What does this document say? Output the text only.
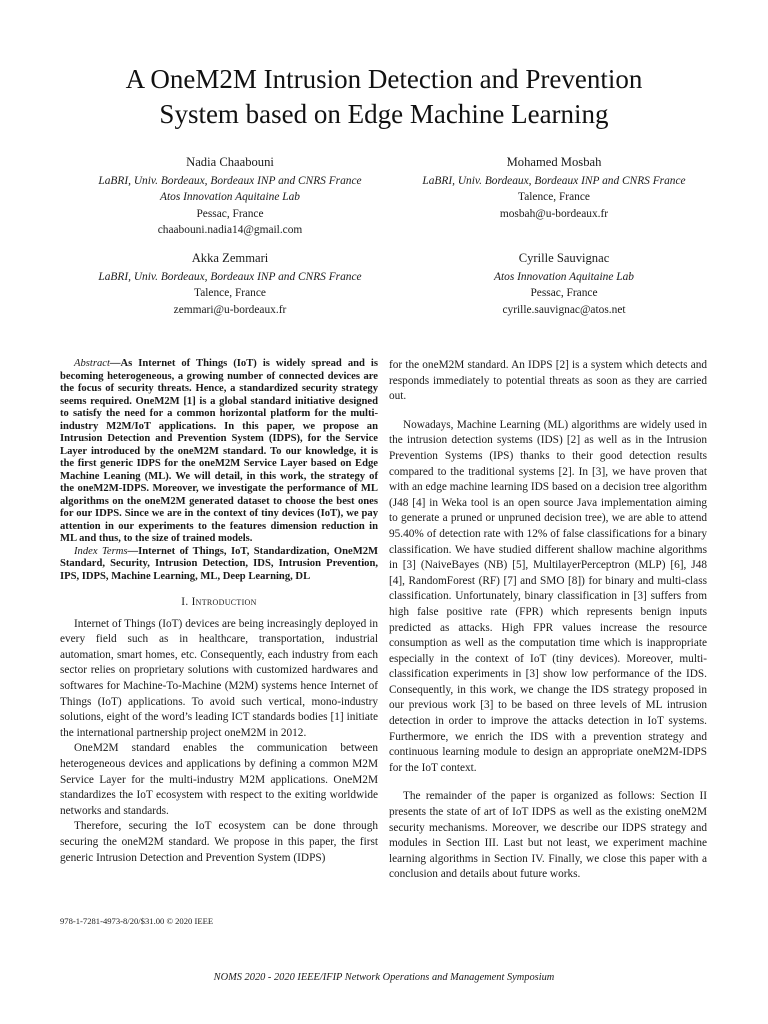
A OneM2M Intrusion Detection and Prevention
System based on Edge Machine Learning
Nadia Chaabouni
LaBRI, Univ. Bordeaux, Bordeaux INP and CNRS France
Atos Innovation Aquitaine Lab
Pessac, France
chaabouni.nadia14@gmail.com
Mohamed Mosbah
LaBRI, Univ. Bordeaux, Bordeaux INP and CNRS France
Talence, France
mosbah@u-bordeaux.fr
Akka Zemmari
LaBRI, Univ. Bordeaux, Bordeaux INP and CNRS France
Talence, France
zemmari@u-bordeaux.fr
Cyrille Sauvignac
Atos Innovation Aquitaine Lab
Pessac, France
cyrille.sauvignac@atos.net

Abstract—As Internet of Things (IoT) is widely spread and is becoming heterogeneous, a growing number of connected devices are the focus of security threats. Hence, a standardized security strategy seems required. OneM2M [1] is a global standard initiative designed to satisfy the need for a common horizontal platform for the multi-industry M2M/IoT applications. In this paper, we propose an Intrusion Detection and Prevention System (IDPS), for the Service Layer introduced by the oneM2M standard. To our knowledge, it is the first generic IDPS for the oneM2M Service Layer based on Edge Machine Leaning (ML). We will detail, in this work, the strategy of the oneM2M-IDPS. Moreover, we investigate the performance of ML algorithms on the oneM2M generated dataset to choose the best ones for our IDPS. Since we are in the context of tiny devices (IoT), we pay attention in our experiments to the features dimension reduction in ML and thus, to the size of trained models.

Index Terms—Internet of Things, IoT, Standardization, OneM2M Standard, Security, Intrusion Detection, IDS, Intrusion Prevention, IPS, IDPS, Machine Learning, ML, Deep Learning, DL

I. Introduction

Internet of Things (IoT) devices are being increasingly deployed in every field such as in healthcare, transportation, industrial automation, smart homes, etc. Consequently, each industry from each sector relies on proprietary solutions with customized hardwares and softwares for Machine-To-Machine (M2M) systems hence Internet of Things (IoT) applications. To avoid such vertical, mono-industry solutions, eight of the word’s leading ICT standards bodies [1] initiate the international partnership project oneM2M in 2012.

OneM2M standard enables the communication between heterogeneous devices and applications by defining a common M2M Service Layer for the multi-industry M2M applications. OneM2M standardizes the IoT ecosystem with respect to the exiting worldwide networks and standards.

Therefore, securing the IoT ecosystem can be done through securing the oneM2M standard. We propose in this paper, the first generic Intrusion Detection and Prevention System (IDPS)

for the oneM2M standard. An IDPS [2] is a system which detects and responds immediately to potential threats as soon as they are carried out.

Nowadays, Machine Learning (ML) algorithms are widely used in the intrusion detection systems (IDS) [2] as well as in the Intrusion Prevention Systems (IPS) thanks to their good detection results compared to the traditional systems [2]. In [3], we have proven that with an edge machine learning IDS based on a decision tree algorithm (J48 [4] in Weka tool is an open source Java implementation aiming to generate a pruned or unpruned decision tree), we are able to attend 95.40% of detection rate with 12% of false classifications for a binary classification. We have studied different shallow machine algorithms in [3] (NaiveBayes (NB) [5], MultilayerPerceptron (MLP) [6], J48 [4], RandomForest (RF) [7] and SMO [8]) for binary and multi-class classification. Unfortunately, binary classification in [3] suffers from high false positive rate (FPR) which represents benign inputs predicted as attacks. High FPR values increase the resource consumption as well as the computation time which is inappropriate especially in the context of IoT (tiny devices). Moreover, multi-classification experiments in [3] show low performance of the IDS. Consequently, in this work, we change the IDS strategy proposed in our previous work [3] to be based on three levels of ML intrusion detection in order to improve the attacks detection in IoT systems. Furthermore, we enrich the IDS with a prevention strategy and continuous learning module to design an appropriate oneM2M-IDPS for the IoT context.

The remainder of the paper is organized as follows: Section II presents the state of art of IoT IDPS as well as the existing oneM2M security mechanisms. Moreover, we describe our IDPS strategy and modules in Section III. Last but not least, we experiment machine learning algorithms in Section IV. Finally, we close this paper with a conclusion and details about future works.

978-1-7281-4973-8/20/$31.00 © 2020 IEEE
NOMS 2020 - 2020 IEEE/IFIP Network Operations and Management Symposium
